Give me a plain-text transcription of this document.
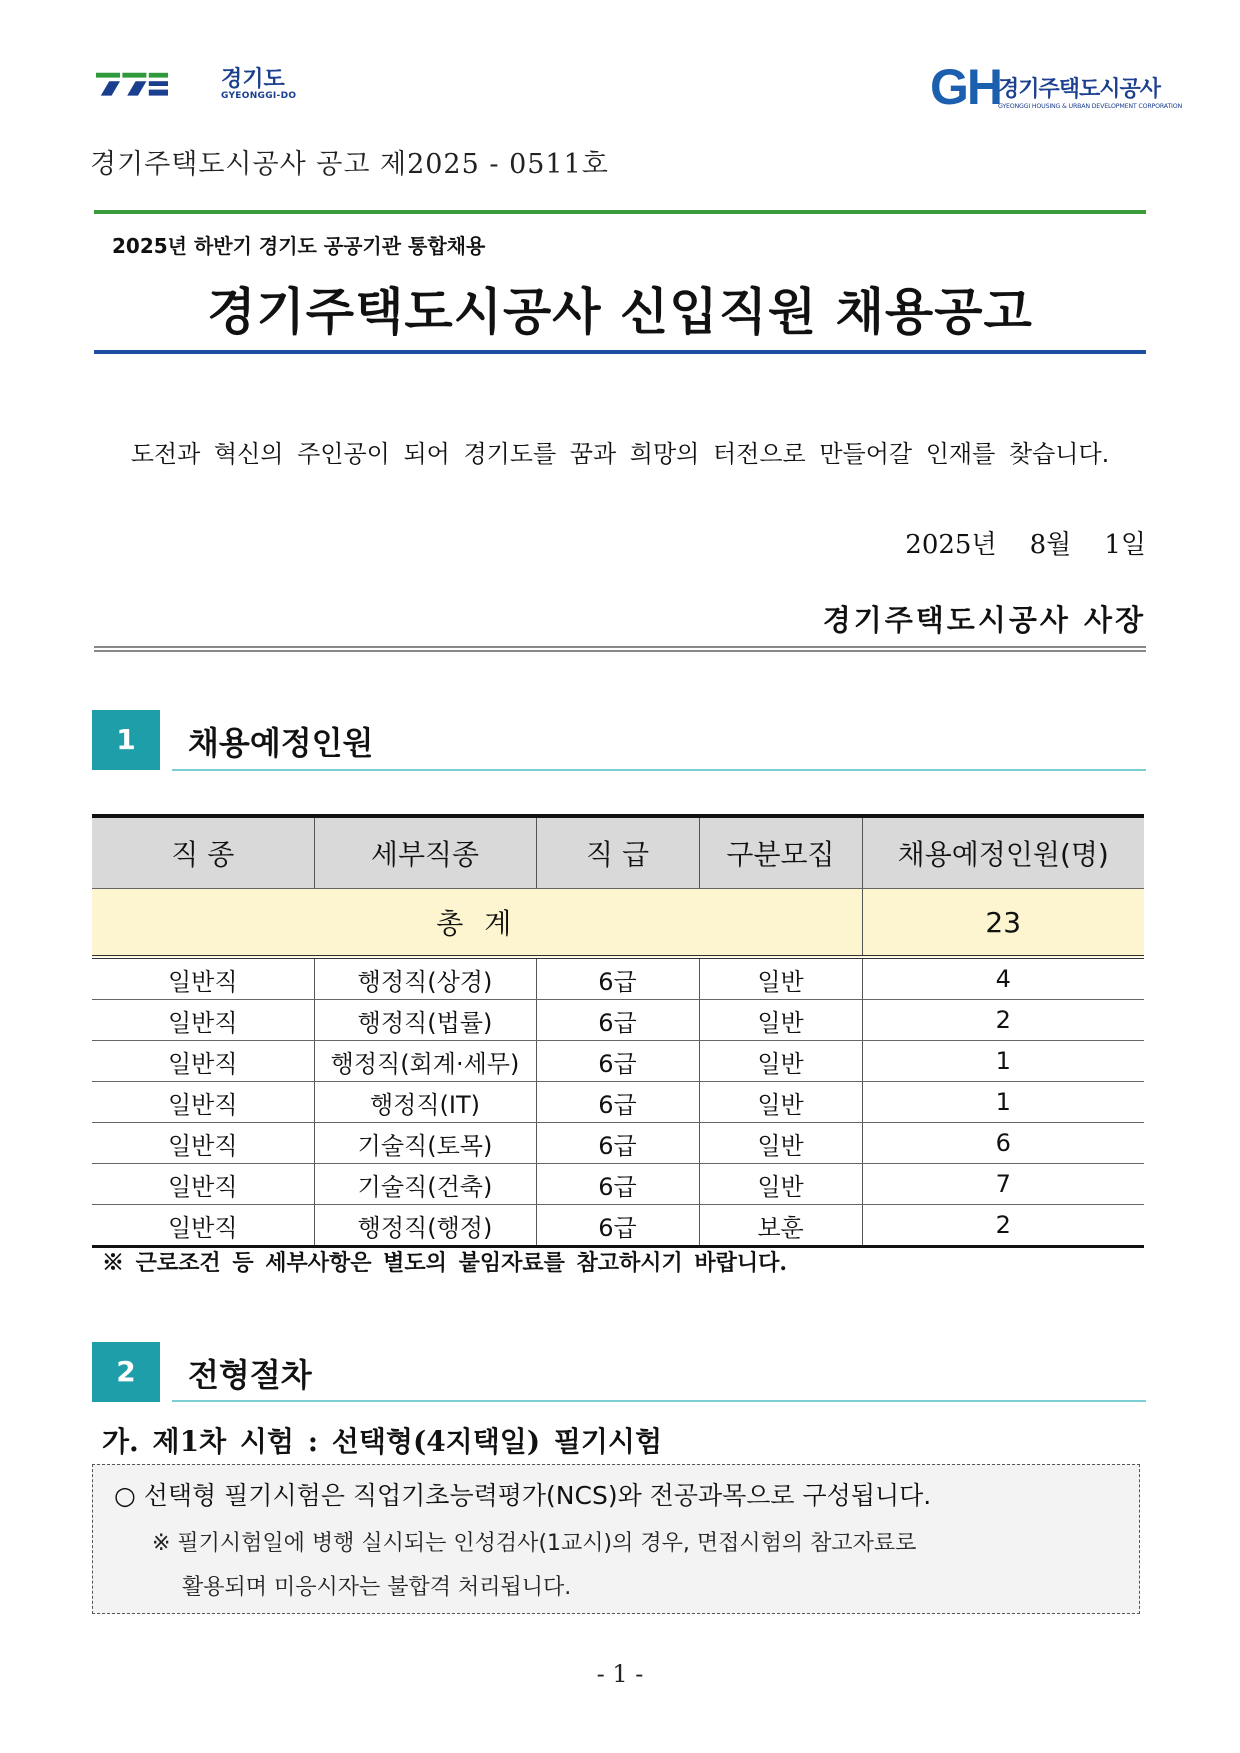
경기도
GYEONGGI-DO	GH
경기주택도시공사
GYEONGGI HOUSING & URBAN DEVELOPMENT CORPORATION
경기주택도시공사 공고 제2025 - 0511호
2025년 하반기 경기도 공공기관 통합채용
경기주택도시공사 신입직원 채용공고
도전과 혁신의 주인공이 되어 경기도를 꿈과 희망의 터전으로 만들어갈 인재를 찾습니다.
2025년    8월    1일
경기주택도시공사 사장
1	채용예정인원
직 종	세부직종	직 급	구분모집	채용예정인원(명)
총 계				23
일반직	행정직(상경)	6급	일반	4
일반직	행정직(법률)	6급	일반	2
일반직	행정직(회계·세무)	6급	일반	1
일반직	행정직(IT)	6급	일반	1
일반직	기술직(토목)	6급	일반	6
일반직	기술직(건축)	6급	일반	7
일반직	행정직(행정)	6급	보훈	2
※ 근로조건 등 세부사항은 별도의 붙임자료를 참고하시기 바랍니다.
2	전형절차
가. 제1차 시험 : 선택형(4지택일) 필기시험
○ 선택형 필기시험은 직업기초능력평가(NCS)와 전공과목으로 구성됩니다.
※ 필기시험일에 병행 실시되는 인성검사(1교시)의 경우, 면접시험의 참고자료로
활용되며 미응시자는 불합격 처리됩니다.
- 1 -
